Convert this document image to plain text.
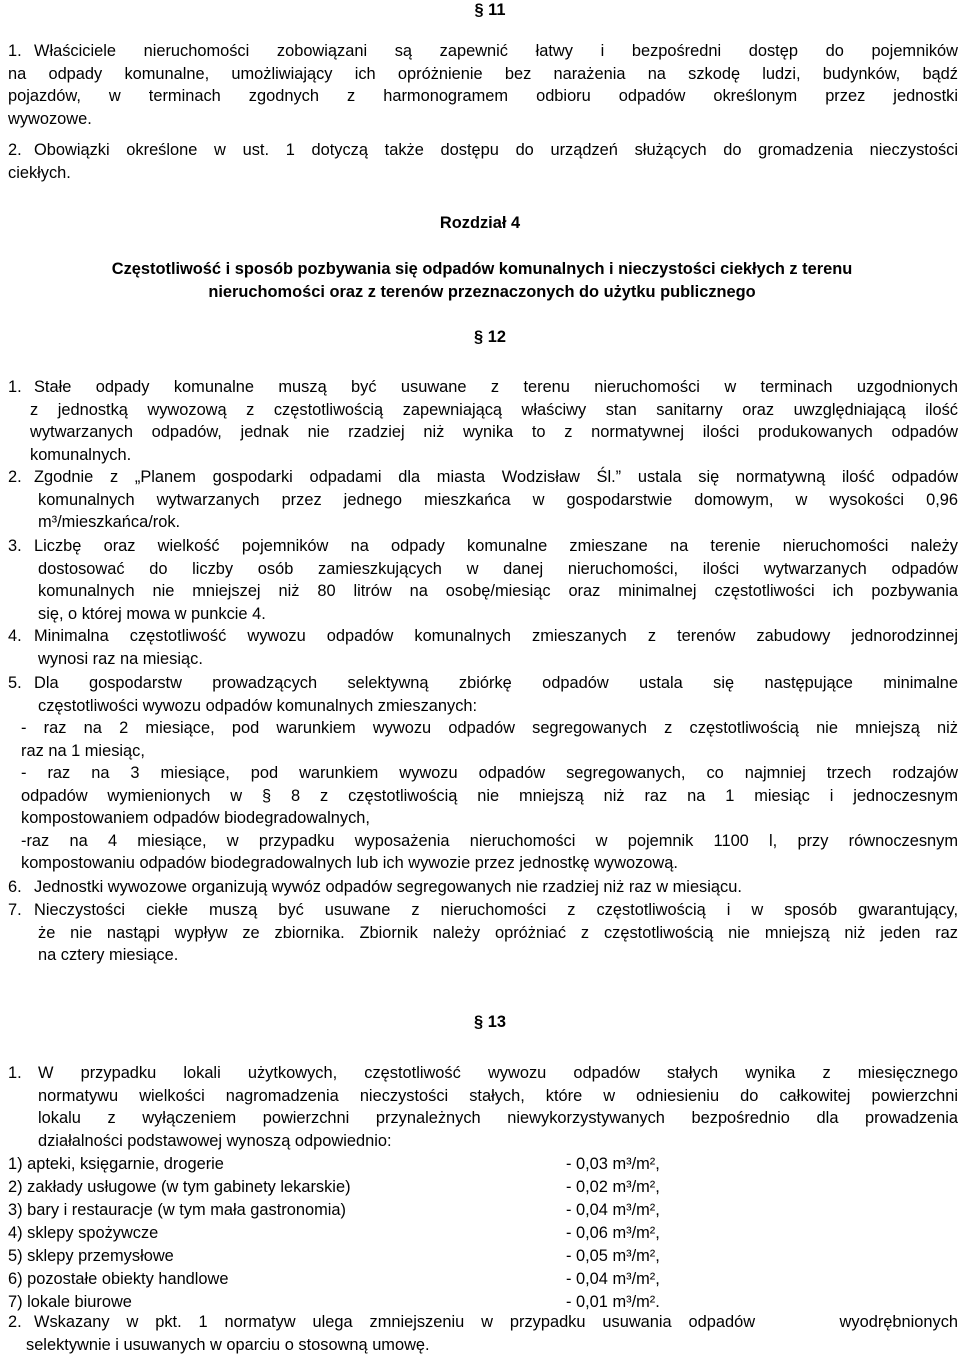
§ 11
1. Właściciele nieruchomości zobowiązani są zapewnić łatwy i bezpośredni dostęp do pojemników
na odpady komunalne, umożliwiający ich opróżnienie bez narażenia na szkodę ludzi, budynków, bądź
pojazdów, w terminach zgodnych z harmonogramem odbioru odpadów określonym przez jednostki
wywozowe.
2. Obowiązki określone w ust. 1 dotyczą także dostępu do urządzeń służących do gromadzenia nieczystości
ciekłych.
Rozdział 4
Częstotliwość i sposób pozbywania się odpadów komunalnych i nieczystości ciekłych z terenu
nieruchomości oraz z terenów przeznaczonych do użytku publicznego
§ 12
1. Stałe odpady komunalne muszą być usuwane z terenu nieruchomości w terminach uzgodnionych
z jednostką wywozową z częstotliwością zapewniającą właściwy stan sanitarny oraz uwzględniającą ilość
wytwarzanych odpadów, jednak nie rzadziej niż wynika to z normatywnej ilości produkowanych odpadów
komunalnych.
2. Zgodnie z „Planem gospodarki odpadami dla miasta Wodzisław Śl.” ustala się normatywną ilość odpadów
komunalnych wytwarzanych przez jednego mieszkańca w gospodarstwie domowym, w wysokości 0,96
m³/mieszkańca/rok.
3. Liczbę oraz wielkość pojemników na odpady komunalne zmieszane na terenie nieruchomości należy
dostosować do liczby osób zamieszkujących w danej nieruchomości, ilości wytwarzanych odpadów
komunalnych nie mniejszej niż 80 litrów na osobę/miesiąc oraz minimalnej częstotliwości ich pozbywania
się, o której mowa w punkcie 4.
4. Minimalna częstotliwość wywozu odpadów komunalnych zmieszanych z terenów zabudowy jednorodzinnej
wynosi raz na miesiąc.
5. Dla gospodarstw prowadzących selektywną zbiórkę odpadów ustala się następujące minimalne
częstotliwości wywozu odpadów komunalnych zmieszanych:
- raz na 2 miesiące, pod warunkiem wywozu odpadów segregowanych z częstotliwością nie mniejszą niż
raz na 1 miesiąc,
- raz na 3 miesiące, pod warunkiem wywozu odpadów segregowanych, co najmniej trzech rodzajów
odpadów wymienionych w § 8 z częstotliwością nie mniejszą niż raz na 1 miesiąc i jednoczesnym
kompostowaniem odpadów biodegradowalnych,
-raz na 4 miesiące, w przypadku wyposażenia nieruchomości w pojemnik 1100 l, przy równoczesnym
kompostowaniu odpadów biodegradowalnych lub ich wywozie przez jednostkę wywozową.
6. Jednostki wywozowe organizują wywóz odpadów segregowanych nie rzadziej niż raz w miesiącu.
7. Nieczystości ciekłe muszą być usuwane z nieruchomości z częstotliwością i w sposób gwarantujący,
że nie nastąpi wypływ ze zbiornika. Zbiornik należy opróżniać z częstotliwością nie mniejszą niż jeden raz
na cztery miesiące.
§ 13
1. W przypadku lokali użytkowych, częstotliwość wywozu odpadów stałych wynika z miesięcznego
normatywu wielkości nagromadzenia nieczystości stałych, które w odniesieniu do całkowitej powierzchni
lokalu z wyłączeniem powierzchni przynależnych niewykorzystywanych bezpośrednio dla prowadzenia
działalności podstawowej wynoszą odpowiednio:
1) apteki, księgarnie, drogerie	- 0,03 m³/m²,
2) zakłady usługowe (w tym gabinety lekarskie)	- 0,02 m³/m²,
3) bary i restauracje (w tym mała gastronomia)	- 0,04 m³/m²,
4) sklepy spożywcze	- 0,06 m³/m²,
5) sklepy przemysłowe	- 0,05 m³/m²,
6) pozostałe obiekty handlowe	- 0,04 m³/m²,
7) lokale biurowe	- 0,01 m³/m².
2. Wskazany w pkt. 1 normatyw ulega zmniejszeniu w przypadku usuwania odpadów     wyodrębnionych
selektywnie i usuwanych w oparciu o stosowną umowę.
